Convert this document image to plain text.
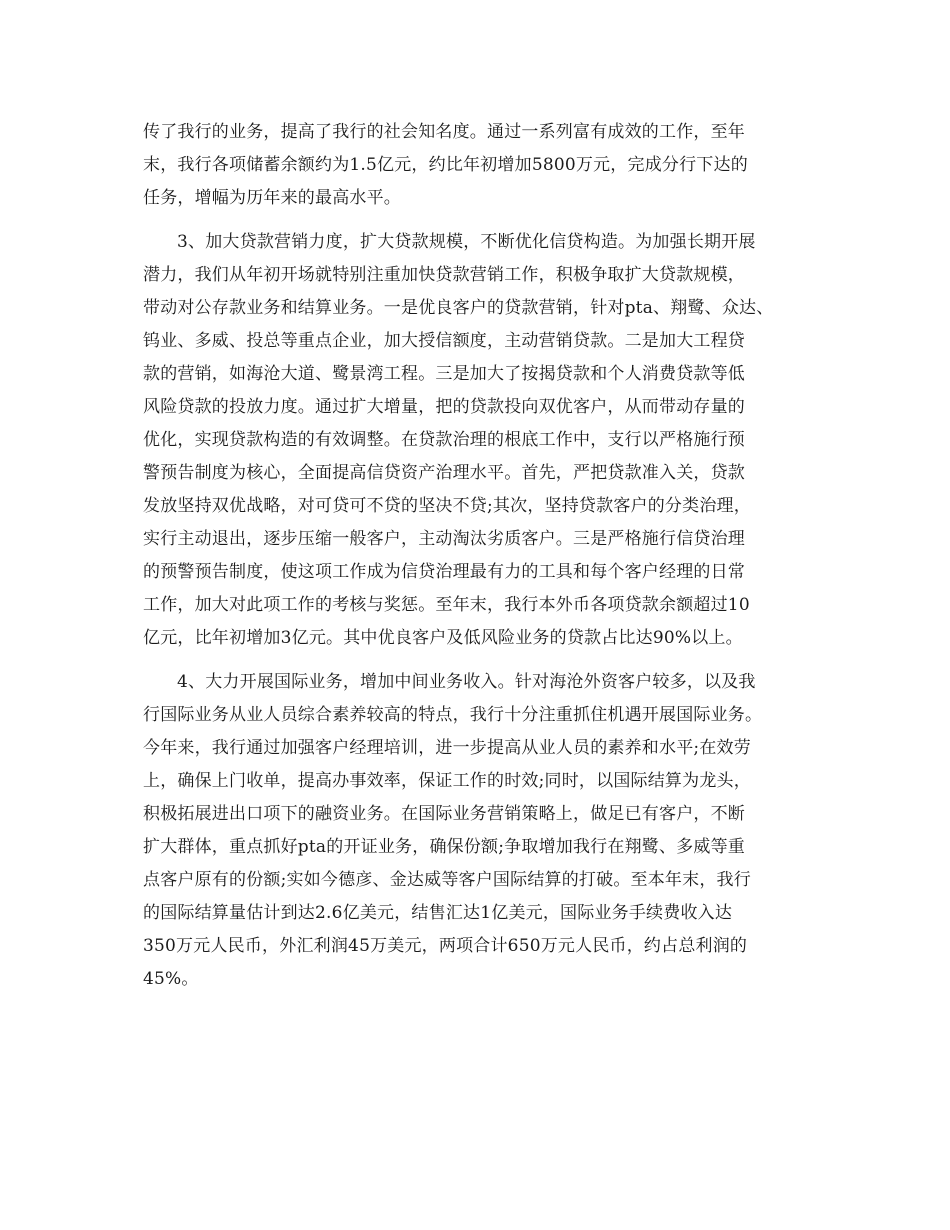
传了我行的业务，提高了我行的社会知名度。通过一系列富有成效的工作，至年
末，我行各项储蓄余额约为1.5亿元，约比年初增加5800万元，完成分行下达的
任务，增幅为历年来的最高水平。
3、加大贷款营销力度，扩大贷款规模，不断优化信贷构造。为加强长期开展
潜力，我们从年初开场就特别注重加快贷款营销工作，积极争取扩大贷款规模，
带动对公存款业务和结算业务。一是优良客户的贷款营销，针对pta、翔鹭、众达、
钨业、多威、投总等重点企业，加大授信额度，主动营销贷款。二是加大工程贷
款的营销，如海沧大道、鹭景湾工程。三是加大了按揭贷款和个人消费贷款等低
风险贷款的投放力度。通过扩大增量，把的贷款投向双优客户，从而带动存量的
优化，实现贷款构造的有效调整。在贷款治理的根底工作中，支行以严格施行预
警预告制度为核心，全面提高信贷资产治理水平。首先，严把贷款准入关，贷款
发放坚持双优战略，对可贷可不贷的坚决不贷;其次，坚持贷款客户的分类治理，
实行主动退出，逐步压缩一般客户，主动淘汰劣质客户。三是严格施行信贷治理
的预警预告制度，使这项工作成为信贷治理最有力的工具和每个客户经理的日常
工作，加大对此项工作的考核与奖惩。至年末，我行本外币各项贷款余额超过10
亿元，比年初增加3亿元。其中优良客户及低风险业务的贷款占比达90%以上。
4、大力开展国际业务，增加中间业务收入。针对海沧外资客户较多，以及我
行国际业务从业人员综合素养较高的特点，我行十分注重抓住机遇开展国际业务。
今年来，我行通过加强客户经理培训，进一步提高从业人员的素养和水平;在效劳
上，确保上门收单，提高办事效率，保证工作的时效;同时，以国际结算为龙头，
积极拓展进出口项下的融资业务。在国际业务营销策略上，做足已有客户，不断
扩大群体，重点抓好pta的开证业务，确保份额;争取增加我行在翔鹭、多威等重
点客户原有的份额;实如今德彦、金达威等客户国际结算的打破。至本年末，我行
的国际结算量估计到达2.6亿美元，结售汇达1亿美元，国际业务手续费收入达
350万元人民币，外汇利润45万美元，两项合计650万元人民币，约占总利润的
45%。
